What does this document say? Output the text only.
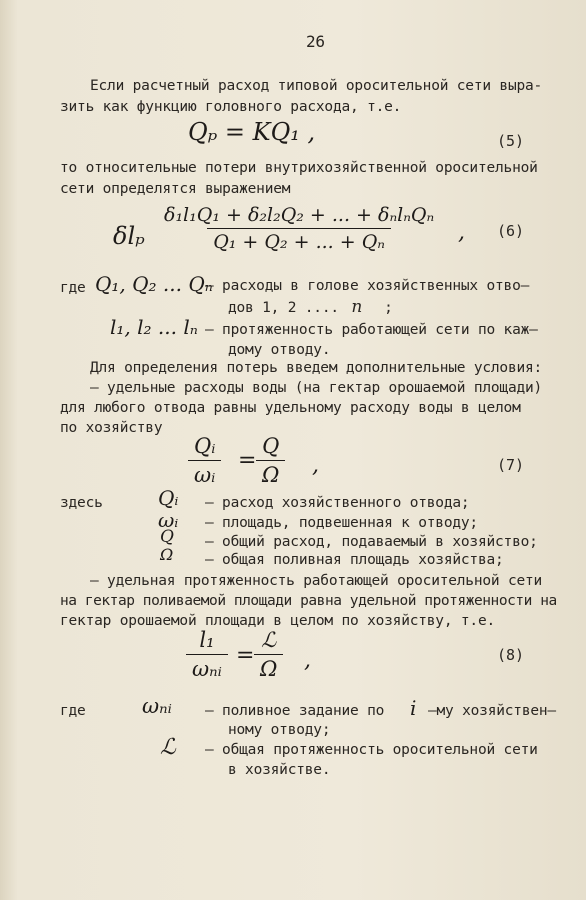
26
Если расчетный расход типовой оросительной сети выра-
зить как функцию головного расхода, т.е.
Qₚ = KQ₁ ,	(5)
то относительные потери внутрихозяйственной оросительной
сети определятся выражением
δlₚ
δ₁l₁Q₁ + δ₂l₂Q₂ + ... + δₙlₙQₙ
Q₁ + Q₂ + ... + Qₙ	, (6)
где Q₁, Q₂ ... Qₙ
– расходы в голове хозяйственных отво–
дов 1, 2 .... n ;
l₁, l₂ ... lₙ – протяженность работающей сети по каж–
дому отводу.
Для определения потерь введем дополнительные условия:
– удельные расходы воды (на гектар орошаемой площади)
для любого отвода равны удельному расходу воды в целом
по хозяйству
$\frac{\text{Qᵢ}}{\text{ωᵢ}} = \frac{Q}{\Omega}$ ,	(7)
здесь	Qᵢ – расход хозяйственного отвода;
ωᵢ – площадь, подвешенная к отводу;
Q – общий расход, подаваемый в хозяйство;
Ω – общая поливная площадь хозяйства;
– удельная протяженность работающей оросительной сети
на гектар поливаемой площади равна удельной протяженности на
гектар орошаемой площади в целом по хозяйству, т.е.
l₁
ωₙᵢ
=
ℒ
Ω ,	(8)
где	ωₙᵢ – поливное задание по i –му хозяйствен–
ному отводу;
ℒ – общая протяженность оросительной сети
в хозяйстве.
